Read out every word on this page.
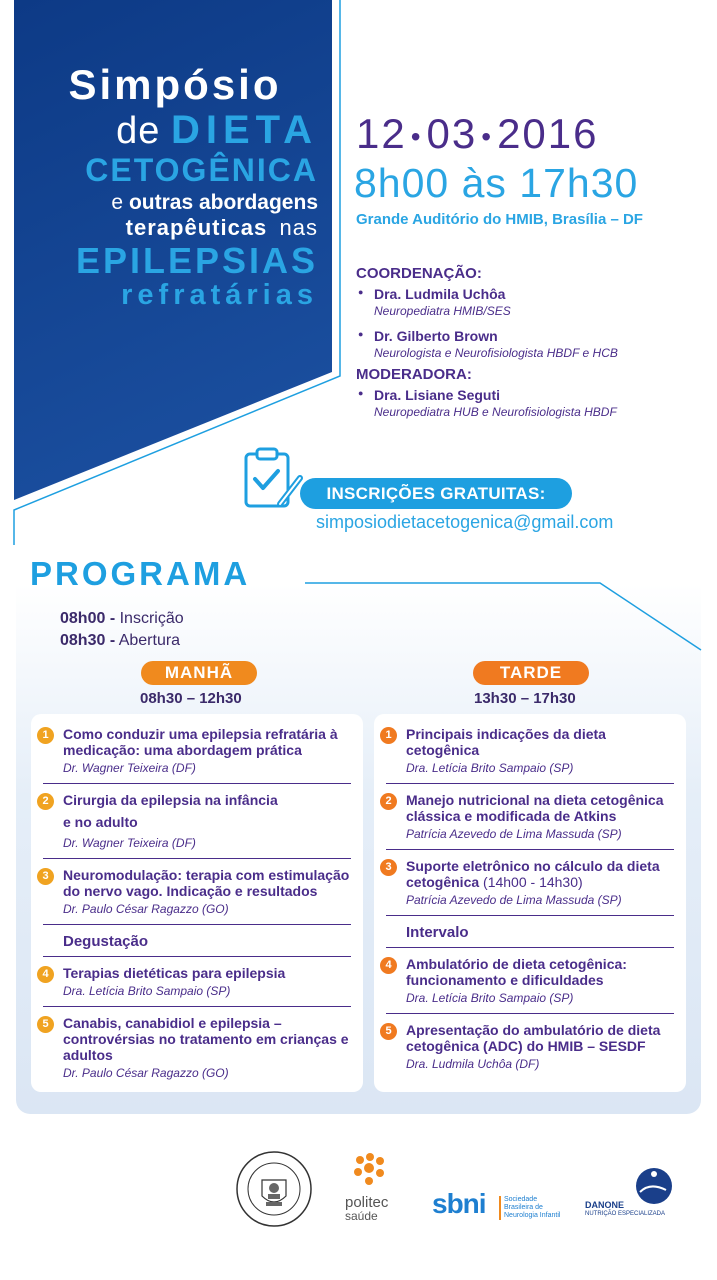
Simpósio
de DIETA
CETOGÊNICA
e outras abordagens
terapêuticas nas
EPILEPSIAS
refratárias
12 •03 •2016
8h00 às 17h30
Grande Auditório do HMIB, Brasília – DF
COORDENAÇÃO:
● Dra. Ludmila Uchôa
Neuropediatra HMIB/SES
● Dr. Gilberto Brown
Neurologista e Neurofisiologista HBDF e HCB
MODERADORA:
● Dra. Lisiane Seguti
Neuropediatra HUB e Neurofisiologista HBDF
INSCRIÇÕES GRATUITAS:
simposiodietacetogenica@gmail.com
PROGRAMA
08h00 - Inscrição
08h30 - Abertura
MANHÃ
08h30 – 12h30
TARDE
13h30 – 17h30
1	Como conduzir uma epilepsia refratária à medicação: uma abordagem prática
Dr. Wagner Teixeira (DF)
2	Cirurgia da epilepsia na infância
e no adulto
Dr. Wagner Teixeira (DF)
3	Neuromodulação: terapia com estimulação do nervo vago. Indicação e resultados
Dr. Paulo César Ragazzo (GO)
Degustação
4	Terapias dietéticas para epilepsia
Dra. Letícia Brito Sampaio (SP)
5	Canabis, canabidiol e epilepsia – controvérsias no tratamento em crianças e adultos
Dr. Paulo César Ragazzo (GO)
1	Principais indicações da dieta cetogênica
Dra. Letícia Brito Sampaio (SP)
2	Manejo nutricional na dieta cetogênica clássica e modificada de Atkins
Patrícia Azevedo de Lima Massuda (SP)
3	Suporte eletrônico no cálculo da dieta cetogênica (14h00 - 14h30)
Patrícia Azevedo de Lima Massuda (SP)
Intervalo
4	Ambulatório de dieta cetogênica: funcionamento e dificuldades
Dra. Letícia Brito Sampaio (SP)
5	Apresentação do ambulatório de dieta cetogênica (ADC) do HMIB – SESDF
Dra. Ludmila Uchôa (DF)
politec
saúde	sbni	Sociedade
Brasileira de
Neurologia Infantil
DANONE
NUTRIÇÃO ESPECIALIZADA
